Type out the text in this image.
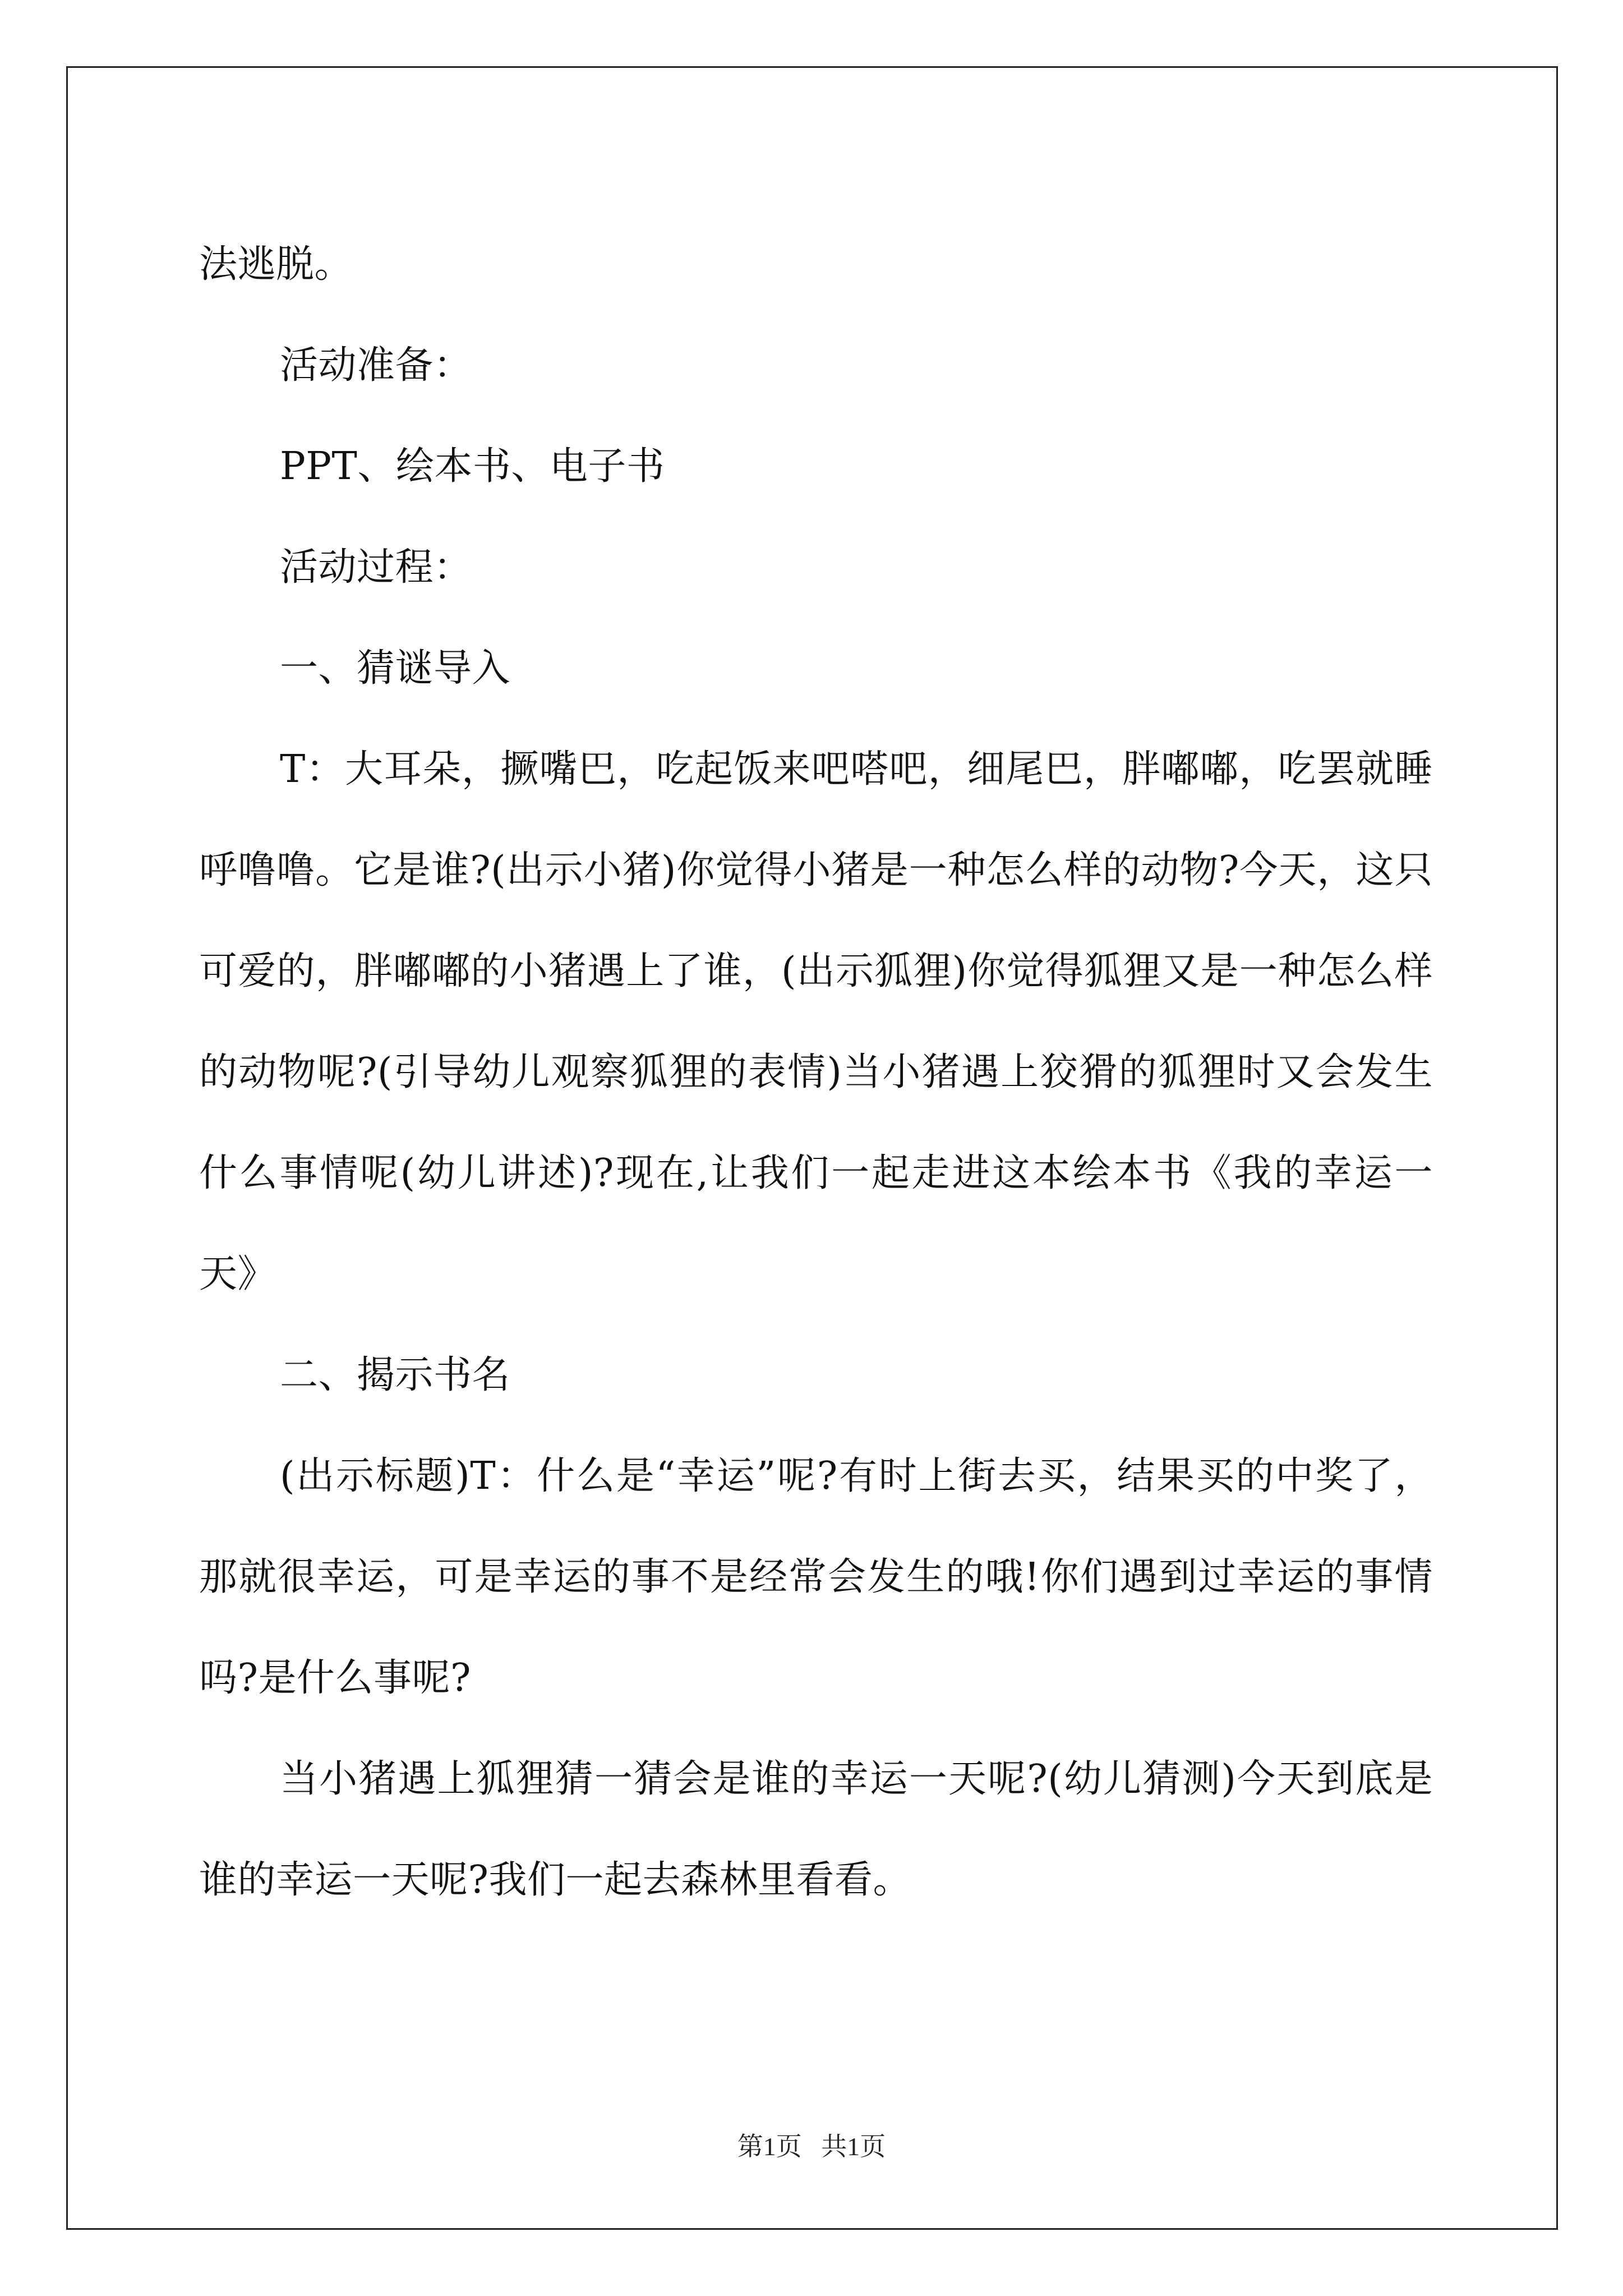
法逃脱。

活动准备：

PPT、绘本书、电子书

活动过程：

一、猜谜导入

T：大耳朵，撅嘴巴，吃起饭来吧嗒吧，细尾巴，胖嘟嘟，吃罢就睡呼噜噜。它是谁?(出示小猪)你觉得小猪是一种怎么样的动物?今天，这只可爱的，胖嘟嘟的小猪遇上了谁，(出示狐狸)你觉得狐狸又是一种怎么样的动物呢?(引导幼儿观察狐狸的表情)当小猪遇上狡猾的狐狸时又会发生什么事情呢(幼儿讲述)?现在,让我们一起走进这本绘本书《我的幸运一天》

二、揭示书名

(出示标题)T：什么是“幸运”呢?有时上街去买，结果买的中奖了，那就很幸运，可是幸运的事不是经常会发生的哦!你们遇到过幸运的事情吗?是什么事呢?

当小猪遇上狐狸猜一猜会是谁的幸运一天呢?(幼儿猜测)今天到底是谁的幸运一天呢?我们一起去森林里看看。

第1页   共1页
